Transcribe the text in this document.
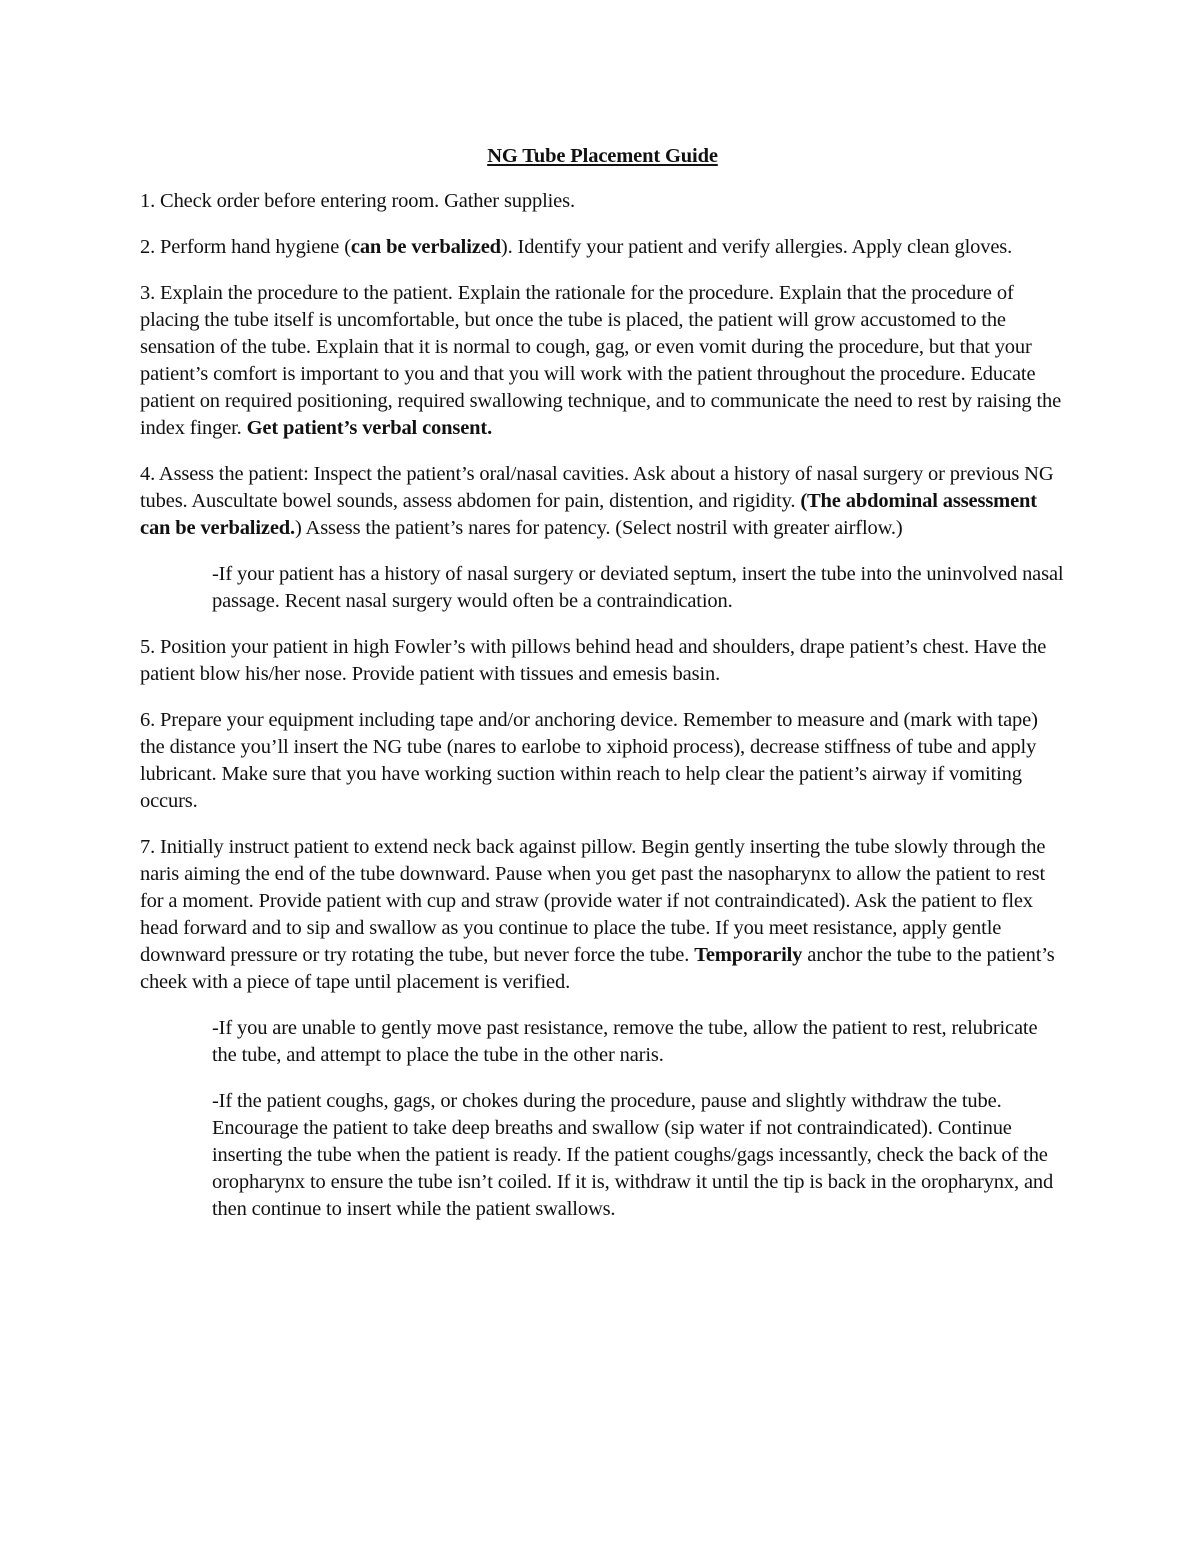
NG Tube Placement Guide

1. Check order before entering room. Gather supplies.

2. Perform hand hygiene (can be verbalized). Identify your patient and verify allergies. Apply clean gloves.

3. Explain the procedure to the patient. Explain the rationale for the procedure. Explain that the procedure of placing the tube itself is uncomfortable, but once the tube is placed, the patient will grow accustomed to the sensation of the tube. Explain that it is normal to cough, gag, or even vomit during the procedure, but that your patient’s comfort is important to you and that you will work with the patient throughout the procedure. Educate patient on required positioning, required swallowing technique, and to communicate the need to rest by raising the index finger. Get patient’s verbal consent.

4. Assess the patient: Inspect the patient’s oral/nasal cavities. Ask about a history of nasal surgery or previous NG tubes. Auscultate bowel sounds, assess abdomen for pain, distention, and rigidity. (The abdominal assessment can be verbalized.) Assess the patient’s nares for patency. (Select nostril with greater airflow.)

-If your patient has a history of nasal surgery or deviated septum, insert the tube into the uninvolved nasal passage. Recent nasal surgery would often be a contraindication.

5. Position your patient in high Fowler’s with pillows behind head and shoulders, drape patient’s chest. Have the patient blow his/her nose. Provide patient with tissues and emesis basin.

6. Prepare your equipment including tape and/or anchoring device. Remember to measure and (mark with tape) the distance you’ll insert the NG tube (nares to earlobe to xiphoid process), decrease stiffness of tube and apply lubricant. Make sure that you have working suction within reach to help clear the patient’s airway if vomiting occurs.

7. Initially instruct patient to extend neck back against pillow. Begin gently inserting the tube slowly through the naris aiming the end of the tube downward. Pause when you get past the nasopharynx to allow the patient to rest for a moment. Provide patient with cup and straw (provide water if not contraindicated). Ask the patient to flex head forward and to sip and swallow as you continue to place the tube. If you meet resistance, apply gentle downward pressure or try rotating the tube, but never force the tube. Temporarily anchor the tube to the patient’s cheek with a piece of tape until placement is verified.

-If you are unable to gently move past resistance, remove the tube, allow the patient to rest, relubricate the tube, and attempt to place the tube in the other naris.

-If the patient coughs, gags, or chokes during the procedure, pause and slightly withdraw the tube. Encourage the patient to take deep breaths and swallow (sip water if not contraindicated). Continue inserting the tube when the patient is ready. If the patient coughs/gags incessantly, check the back of the oropharynx to ensure the tube isn’t coiled. If it is, withdraw it until the tip is back in the oropharynx, and then continue to insert while the patient swallows.
